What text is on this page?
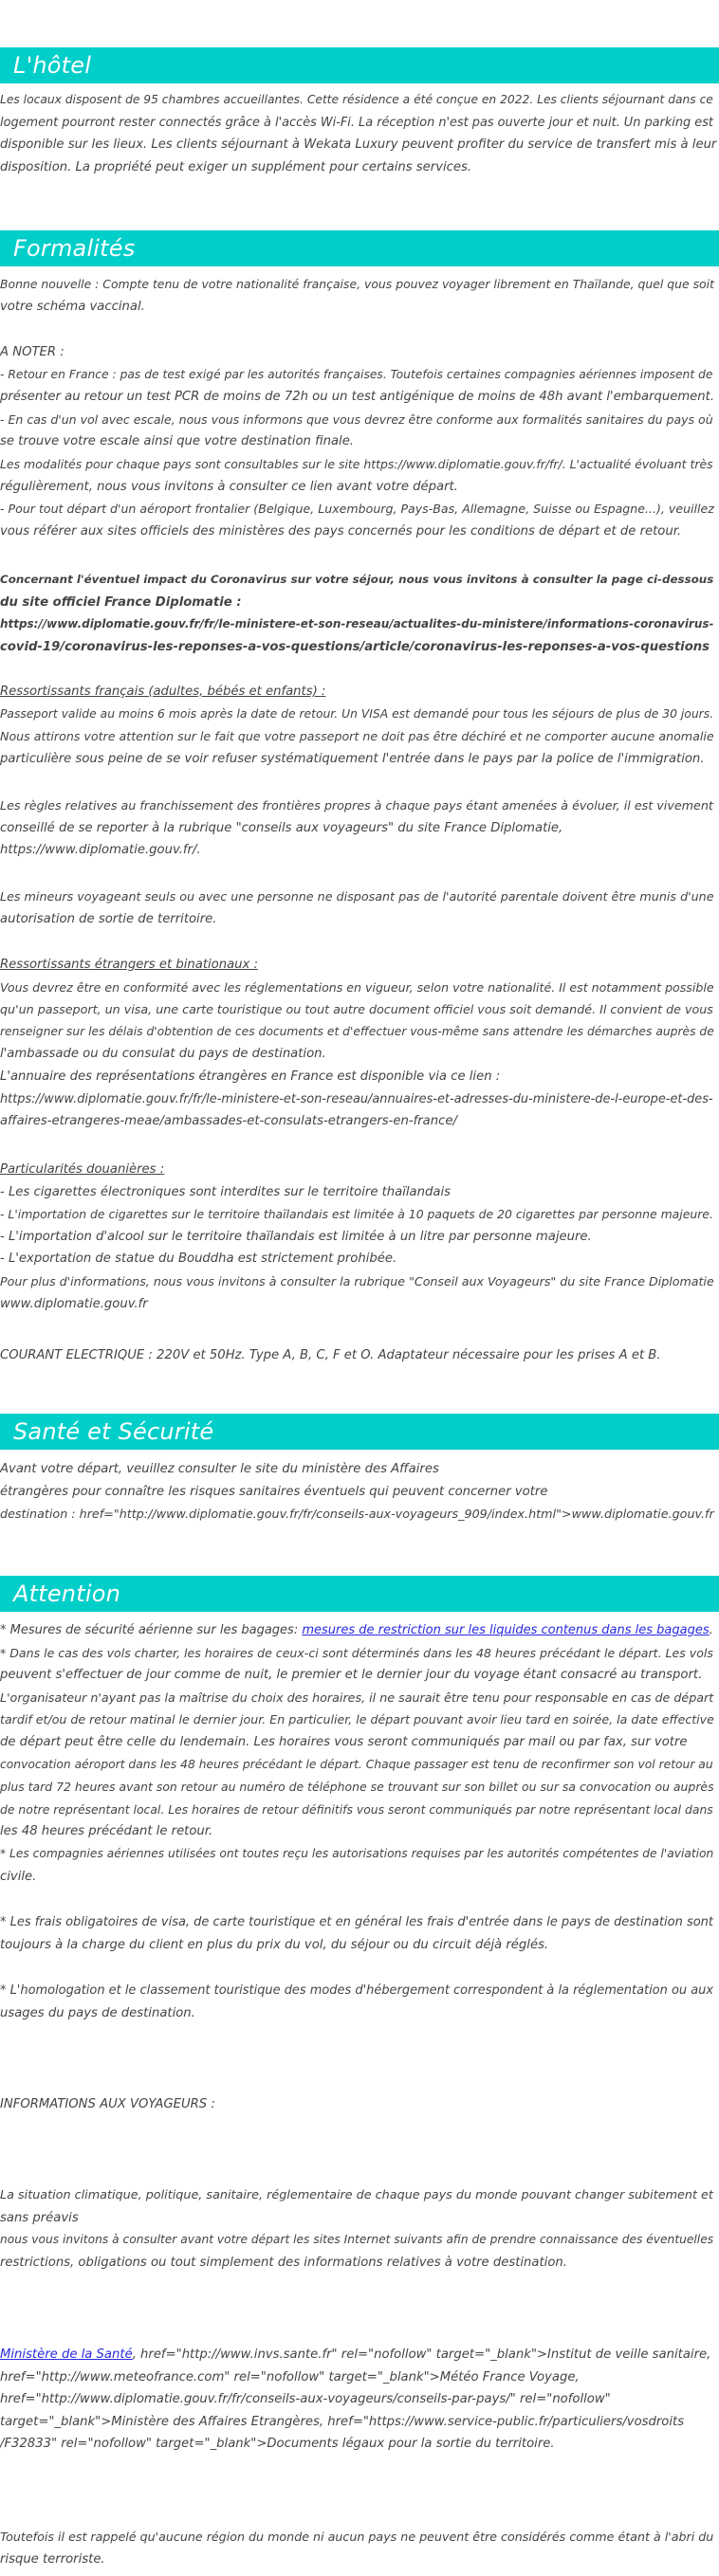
L'hôtel
Les locaux disposent de 95 chambres accueillantes. Cette résidence a été conçue en 2022. Les clients séjournant dans ce
logement pourront rester connectés grâce à l'accès Wi-Fi. La réception n'est pas ouverte jour et nuit. Un parking est
disponible sur les lieux. Les clients séjournant à Wekata Luxury peuvent profiter du service de transfert mis à leur
disposition. La propriété peut exiger un supplément pour certains services.
Formalités
Bonne nouvelle : Compte tenu de votre nationalité française, vous pouvez voyager librement en Thaïlande, quel que soit
votre schéma vaccinal.
A NOTER :
- Retour en France : pas de test exigé par les autorités françaises. Toutefois certaines compagnies aériennes imposent de
présenter au retour un test PCR de moins de 72h ou un test antigénique de moins de 48h avant l'embarquement.
- En cas d'un vol avec escale, nous vous informons que vous devrez être conforme aux formalités sanitaires du pays où
se trouve votre escale ainsi que votre destination finale.
Les modalités pour chaque pays sont consultables sur le site https://www.diplomatie.gouv.fr/fr/. L'actualité évoluant très
régulièrement, nous vous invitons à consulter ce lien avant votre départ.
- Pour tout départ d'un aéroport frontalier (Belgique, Luxembourg, Pays-Bas, Allemagne, Suisse ou Espagne...), veuillez
vous référer aux sites officiels des ministères des pays concernés pour les conditions de départ et de retour.
Concernant l'éventuel impact du Coronavirus sur votre séjour, nous vous invitons à consulter la page ci-dessous
du site officiel France Diplomatie :
https://www.diplomatie.gouv.fr/fr/le-ministere-et-son-reseau/actualites-du-ministere/informations-coronavirus-
covid-19/coronavirus-les-reponses-a-vos-questions/article/coronavirus-les-reponses-a-vos-questions
Ressortissants français (adultes, bébés et enfants) :
Passeport valide au moins 6 mois après la date de retour. Un VISA est demandé pour tous les séjours de plus de 30 jours.
Nous attirons votre attention sur le fait que votre passeport ne doit pas être déchiré et ne comporter aucune anomalie
particulière sous peine de se voir refuser systématiquement l'entrée dans le pays par la police de l'immigration.
Les règles relatives au franchissement des frontières propres à chaque pays étant amenées à évoluer, il est vivement
conseillé de se reporter à la rubrique "conseils aux voyageurs" du site France Diplomatie,
https://www.diplomatie.gouv.fr/.
Les mineurs voyageant seuls ou avec une personne ne disposant pas de l'autorité parentale doivent être munis d'une
autorisation de sortie de territoire.
Ressortissants étrangers et binationaux :
Vous devrez être en conformité avec les réglementations en vigueur, selon votre nationalité. Il est notamment possible
qu'un passeport, un visa, une carte touristique ou tout autre document officiel vous soit demandé. Il convient de vous
renseigner sur les délais d'obtention de ces documents et d'effectuer vous-même sans attendre les démarches auprès de
l'ambassade ou du consulat du pays de destination.
L'annuaire des représentations étrangères en France est disponible via ce lien :
https://www.diplomatie.gouv.fr/fr/le-ministere-et-son-reseau/annuaires-et-adresses-du-ministere-de-l-europe-et-des-
affaires-etrangeres-meae/ambassades-et-consulats-etrangers-en-france/
Particularités douanières :
- Les cigarettes électroniques sont interdites sur le territoire thaïlandais
- L'importation de cigarettes sur le territoire thaïlandais est limitée à 10 paquets de 20 cigarettes par personne majeure.
- L'importation d'alcool sur le territoire thaïlandais est limitée à un litre par personne majeure.
- L'exportation de statue du Bouddha est strictement prohibée.
Pour plus d'informations, nous vous invitons à consulter la rubrique "Conseil aux Voyageurs" du site France Diplomatie
www.diplomatie.gouv.fr
COURANT ELECTRIQUE : 220V et 50Hz. Type A, B, C, F et O. Adaptateur nécessaire pour les prises A et B.
Santé et Sécurité
Avant votre départ, veuillez consulter le site du ministère des Affaires
étrangères pour connaître les risques sanitaires éventuels qui peuvent concerner votre
destination : href="http://www.diplomatie.gouv.fr/fr/conseils-aux-voyageurs_909/index.html">www.diplomatie.gouv.fr
Attention
* Mesures de sécurité aérienne sur les bagages: mesures de restriction sur les liquides contenus dans les bagages.
* Dans le cas des vols charter, les horaires de ceux-ci sont déterminés dans les 48 heures précédant le départ. Les vols
peuvent s'effectuer de jour comme de nuit, le premier et le dernier jour du voyage étant consacré au transport.
L'organisateur n'ayant pas la maîtrise du choix des horaires, il ne saurait être tenu pour responsable en cas de départ
tardif et/ou de retour matinal le dernier jour. En particulier, le départ pouvant avoir lieu tard en soirée, la date effective
de départ peut être celle du lendemain. Les horaires vous seront communiqués par mail ou par fax, sur votre
convocation aéroport dans les 48 heures précédant le départ. Chaque passager est tenu de reconfirmer son vol retour au
plus tard 72 heures avant son retour au numéro de téléphone se trouvant sur son billet ou sur sa convocation ou auprès
de notre représentant local. Les horaires de retour définitifs vous seront communiqués par notre représentant local dans
les 48 heures précédant le retour.
* Les compagnies aériennes utilisées ont toutes reçu les autorisations requises par les autorités compétentes de l'aviation
civile.
* Les frais obligatoires de visa, de carte touristique et en général les frais d'entrée dans le pays de destination sont
toujours à la charge du client en plus du prix du vol, du séjour ou du circuit déjà réglés.
* L'homologation et le classement touristique des modes d'hébergement correspondent à la réglementation ou aux
usages du pays de destination.
INFORMATIONS AUX VOYAGEURS :
La situation climatique, politique, sanitaire, réglementaire de chaque pays du monde pouvant changer subitement et
sans préavis
nous vous invitons à consulter avant votre départ les sites Internet suivants afin de prendre connaissance des éventuelles
restrictions, obligations ou tout simplement des informations relatives à votre destination.
Ministère de la Santé, href="http://www.invs.sante.fr" rel="nofollow" target="_blank">Institut de veille sanitaire,
href="http://www.meteofrance.com" rel="nofollow" target="_blank">Météo France Voyage,
href="http://www.diplomatie.gouv.fr/fr/conseils-aux-voyageurs/conseils-par-pays/" rel="nofollow"
target="_blank">Ministère des Affaires Etrangères, href="https://www.service-public.fr/particuliers/vosdroits
/F32833" rel="nofollow" target="_blank">Documents légaux pour la sortie du territoire.
Toutefois il est rappelé qu'aucune région du monde ni aucun pays ne peuvent être considérés comme étant à l'abri du
risque terroriste.
